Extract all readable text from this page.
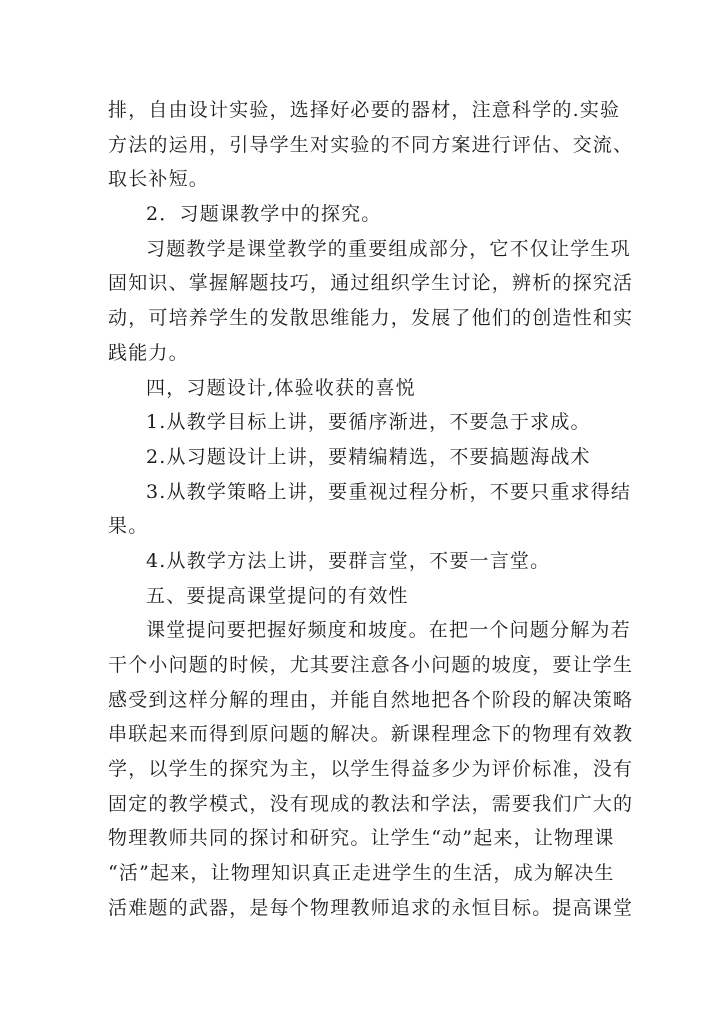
排，自由设计实验，选择好必要的器材，注意科学的.实验
方法的运用，引导学生对实验的不同方案进行评估、交流、
取长补短。
2．习题课教学中的探究。
习题教学是课堂教学的重要组成部分，它不仅让学生巩
固知识、掌握解题技巧，通过组织学生讨论，辨析的探究活
动，可培养学生的发散思维能力，发展了他们的创造性和实
践能力。
四，习题设计,体验收获的喜悦
1.从教学目标上讲，要循序渐进，不要急于求成。
2.从习题设计上讲，要精编精选，不要搞题海战术
3.从教学策略上讲，要重视过程分析，不要只重求得结
果。
4.从教学方法上讲，要群言堂，不要一言堂。
五、要提高课堂提问的有效性
课堂提问要把握好频度和坡度。在把一个问题分解为若
干个小问题的时候，尤其要注意各小问题的坡度，要让学生
感受到这样分解的理由，并能自然地把各个阶段的解决策略
串联起来而得到原问题的解决。新课程理念下的物理有效教
学，以学生的探究为主，以学生得益多少为评价标准，没有
固定的教学模式，没有现成的教法和学法，需要我们广大的
物理教师共同的探讨和研究。让学生“动”起来，让物理课
“活”起来，让物理知识真正走进学生的生活，成为解决生
活难题的武器，是每个物理教师追求的永恒目标。提高课堂
